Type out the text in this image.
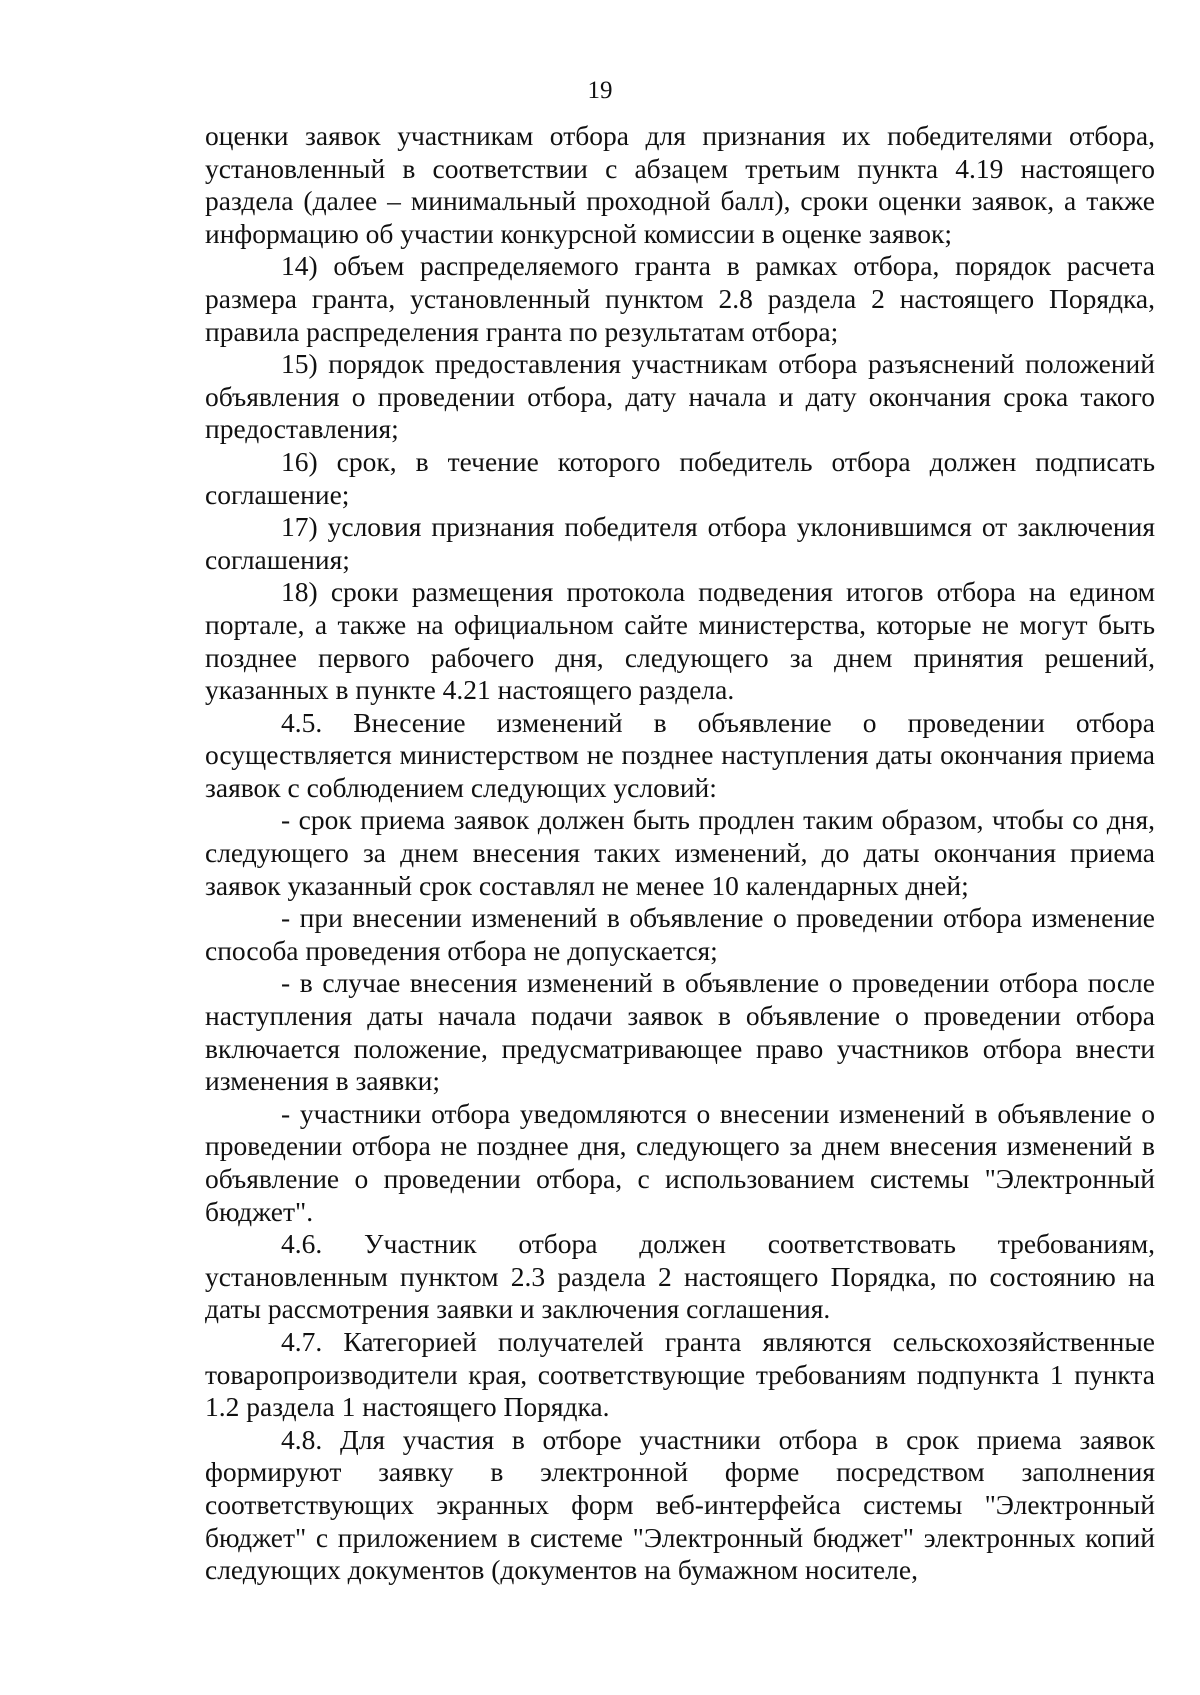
19

оценки заявок участникам отбора для признания их победителями отбора, установленный в соответствии с абзацем третьим пункта 4.19 настоящего раздела (далее – минимальный проходной балл), сроки оценки заявок, а также информацию об участии конкурсной комиссии в оценке заявок;

14) объем распределяемого гранта в рамках отбора, порядок расчета размера гранта, установленный пунктом 2.8 раздела 2 настоящего Порядка, правила распределения гранта по результатам отбора;

15) порядок предоставления участникам отбора разъяснений положений объявления о проведении отбора, дату начала и дату окончания срока такого предоставления;

16) срок, в течение которого победитель отбора должен подписать соглашение;

17) условия признания победителя отбора уклонившимся от заключения соглашения;

18) сроки размещения протокола подведения итогов отбора на едином портале, а также на официальном сайте министерства, которые не могут быть позднее первого рабочего дня, следующего за днем принятия решений, указанных в пункте 4.21 настоящего раздела.

4.5. Внесение изменений в объявление о проведении отбора осуществляется министерством не позднее наступления даты окончания приема заявок с соблюдением следующих условий:

- срок приема заявок должен быть продлен таким образом, чтобы со дня, следующего за днем внесения таких изменений, до даты окончания приема заявок указанный срок составлял не менее 10 календарных дней;

- при внесении изменений в объявление о проведении отбора изменение способа проведения отбора не допускается;

- в случае внесения изменений в объявление о проведении отбора после наступления даты начала подачи заявок в объявление о проведении отбора включается положение, предусматривающее право участников отбора внести изменения в заявки;

- участники отбора уведомляются о внесении изменений в объявление о проведении отбора не позднее дня, следующего за днем внесения изменений в объявление о проведении отбора, с использованием системы "Электронный бюджет".

4.6. Участник отбора должен соответствовать требованиям, установленным пунктом 2.3 раздела 2 настоящего Порядка, по состоянию на даты рассмотрения заявки и заключения соглашения.

4.7. Категорией получателей гранта являются сельскохозяйственные товаропроизводители края, соответствующие требованиям подпункта 1 пункта 1.2 раздела 1 настоящего Порядка.

4.8. Для участия в отборе участники отбора в срок приема заявок формируют заявку в электронной форме посредством заполнения соответствующих экранных форм веб-интерфейса системы "Электронный бюджет" с приложением в системе "Электронный бюджет" электронных копий следующих документов (документов на бумажном носителе,
